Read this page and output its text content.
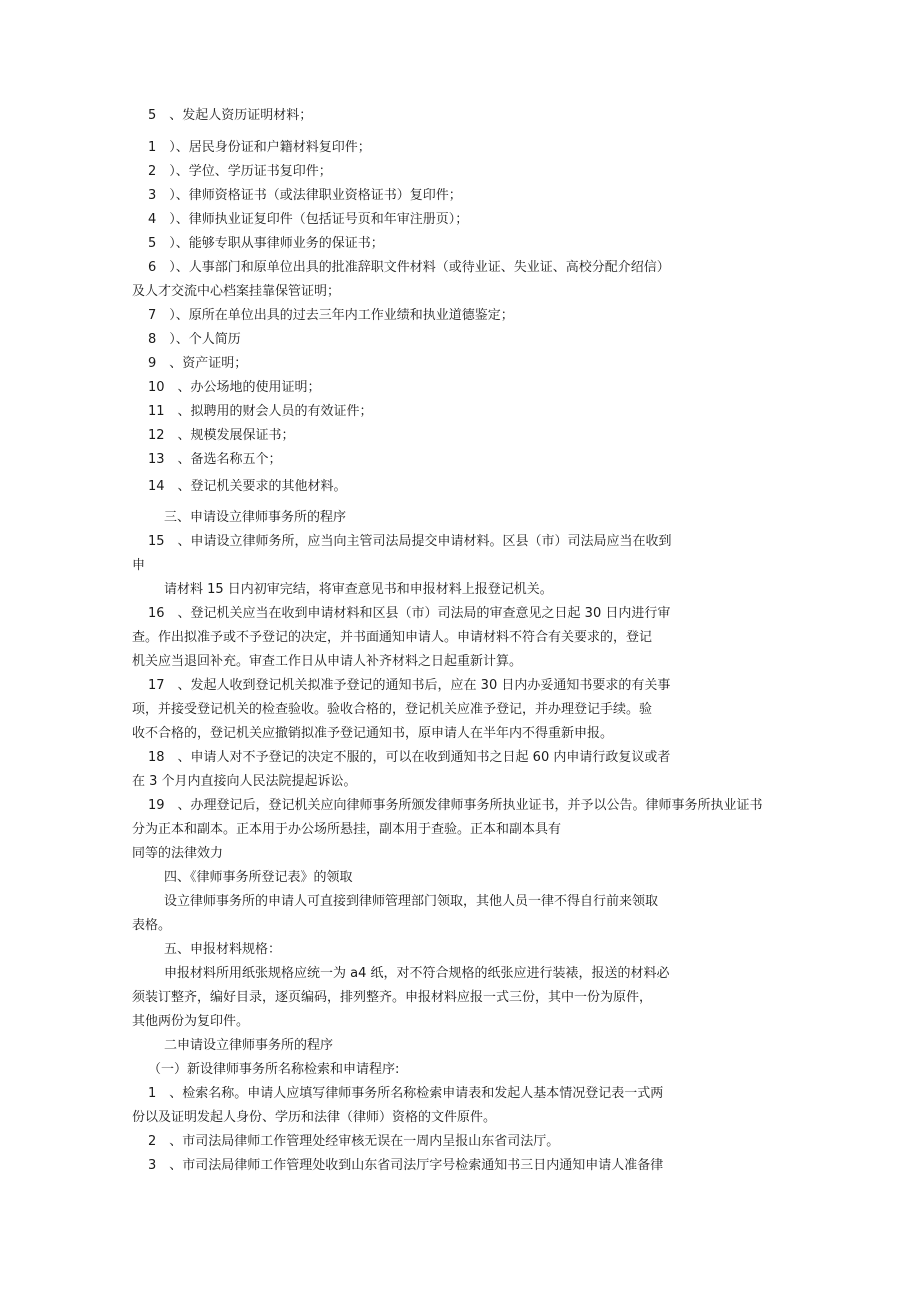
5　、发起人资历证明材料；
1　）、居民身份证和户籍材料复印件；
2　）、学位、学历证书复印件；
3　）、律师资格证书（或法律职业资格证书）复印件；
4　）、律师执业证复印件（包括证号页和年审注册页）；
5　）、能够专职从事律师业务的保证书；
6　）、人事部门和原单位出具的批准辞职文件材料（或待业证、失业证、高校分配介绍信）
及人才交流中心档案挂靠保管证明；
7　）、原所在单位出具的过去三年内工作业绩和执业道德鉴定；
8　）、个人简历
9　、资产证明；
10　、办公场地的使用证明；
11　、拟聘用的财会人员的有效证件；
12　、规模发展保证书；
13　、备选名称五个；
14　、登记机关要求的其他材料。
三、申请设立律师事务所的程序
15　、申请设立律师务所，应当向主管司法局提交申请材料。区县（市）司法局应当在收到
申
请材料 15 日内初审完结，将审查意见书和申报材料上报登记机关。
16　、登记机关应当在收到申请材料和区县（市）司法局的审查意见之日起 30 日内进行审
查。作出拟准予或不予登记的决定，并书面通知申请人。申请材料不符合有关要求的，登记
机关应当退回补充。审查工作日从申请人补齐材料之日起重新计算。
17　、发起人收到登记机关拟准予登记的通知书后，应在 30 日内办妥通知书要求的有关事
项，并接受登记机关的检查验收。验收合格的，登记机关应准予登记，并办理登记手续。验
收不合格的，登记机关应撤销拟准予登记通知书，原申请人在半年内不得重新申报。
18　、申请人对不予登记的决定不服的，可以在收到通知书之日起 60 内申请行政复议或者
在 3 个月内直接向人民法院提起诉讼。
19　、办理登记后，登记机关应向律师事务所颁发律师事务所执业证书，并予以公告。律师事务所执业证书
分为正本和副本。正本用于办公场所悬挂，副本用于查验。正本和副本具有
同等的法律效力
四、《律师事务所登记表》的领取
设立律师事务所的申请人可直接到律师管理部门领取，其他人员一律不得自行前来领取
表格。
五、申报材料规格：
申报材料所用纸张规格应统一为 a4 纸，对不符合规格的纸张应进行装裱，报送的材料必
须装订整齐，编好目录，逐页编码，排列整齐。申报材料应报一式三份，其中一份为原件，
其他两份为复印件。
二申请设立律师事务所的程序
（一）新设律师事务所名称检索和申请程序:
1　、检索名称。申请人应填写律师事务所名称检索申请表和发起人基本情况登记表一式两
份以及证明发起人身份、学历和法律（律师）资格的文件原件。
2　、市司法局律师工作管理处经审核无误在一周内呈报山东省司法厅。
3　、市司法局律师工作管理处收到山东省司法厅字号检索通知书三日内通知申请人准备律
